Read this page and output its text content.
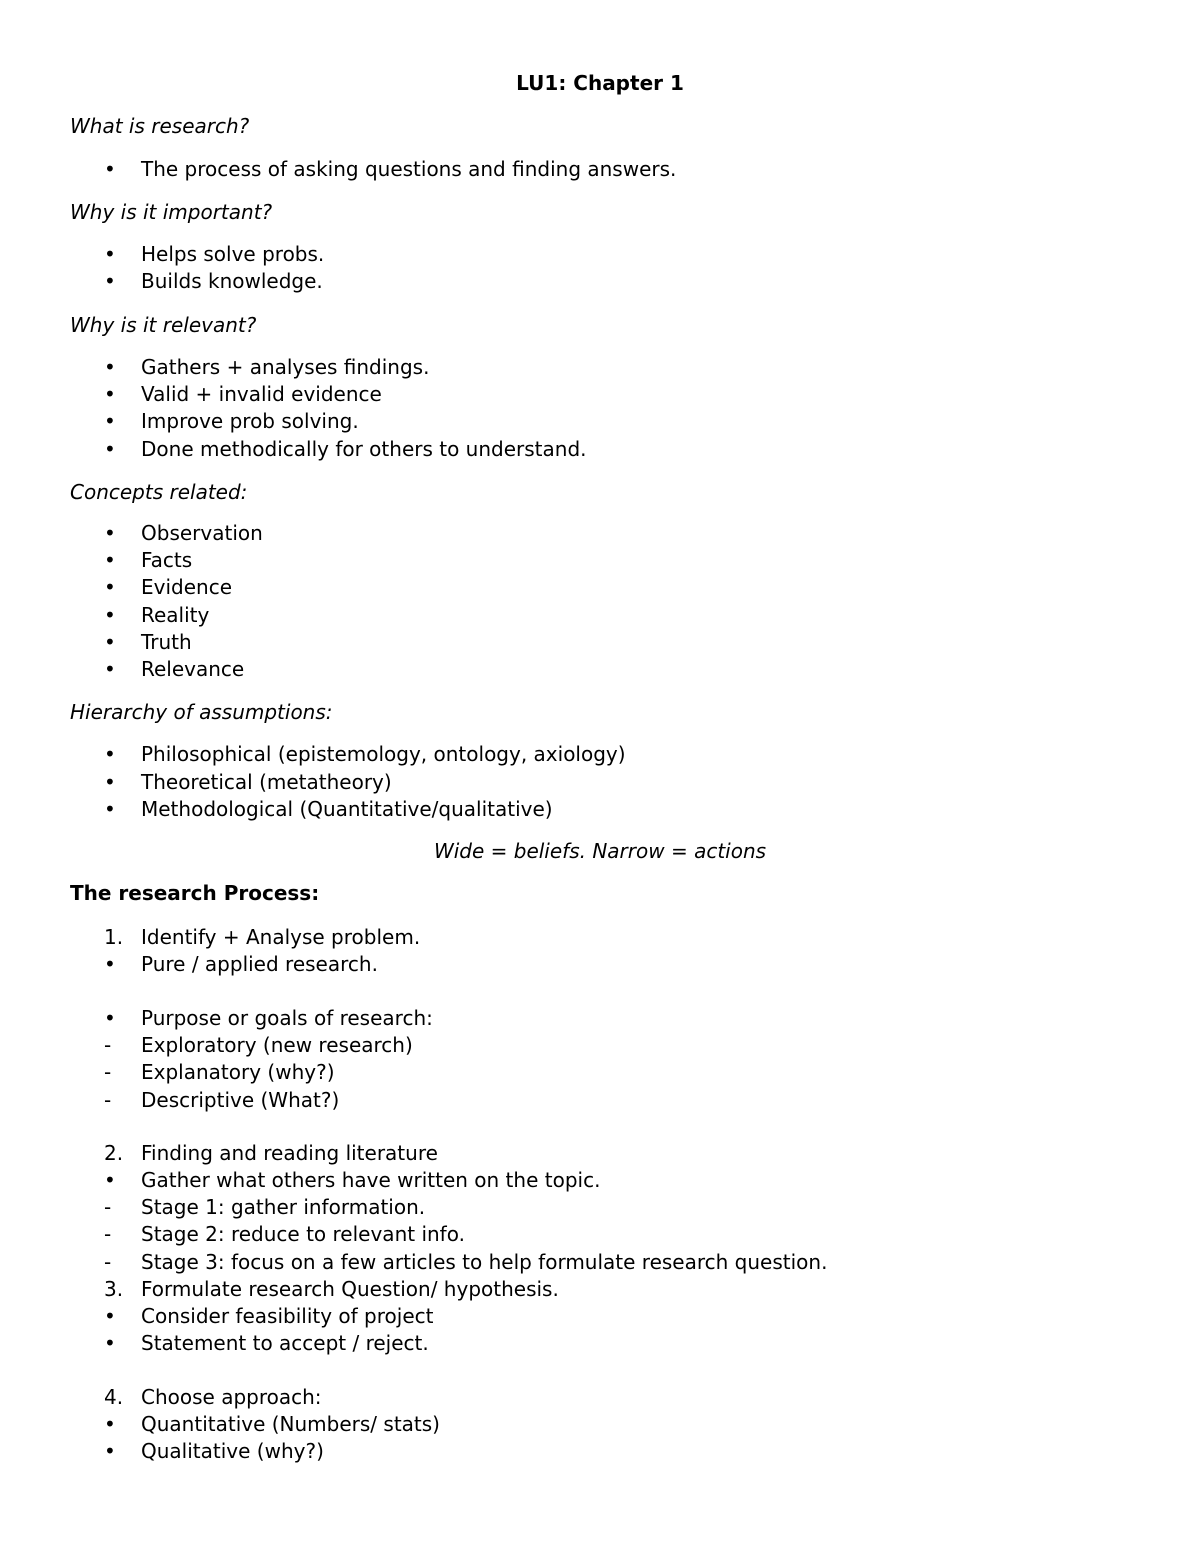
LU1: Chapter 1
What is research?
•	The process of asking questions and finding answers.
Why is it important?
•	Helps solve probs.
•	Builds knowledge.
Why is it relevant?
•	Gathers + analyses findings.
•	Valid + invalid evidence
•	Improve prob solving.
•	Done methodically for others to understand.
Concepts related:
•	Observation
•	Facts
•	Evidence
•	Reality
•	Truth
•	Relevance
Hierarchy of assumptions:
•	Philosophical (epistemology, ontology, axiology)
•	Theoretical (metatheory)
•	Methodological (Quantitative/qualitative)
Wide = beliefs. Narrow = actions
The research Process:
1. Identify + Analyse problem.
•	Pure / applied research.
•	Purpose or goals of research:
-	Exploratory (new research)
-	Explanatory (why?)
-	Descriptive (What?)
2. Finding and reading literature
•	Gather what others have written on the topic.
-	Stage 1: gather information.
-	Stage 2: reduce to relevant info.
-	Stage 3: focus on a few articles to help formulate research question.
3. Formulate research Question/ hypothesis.
•	Consider feasibility of project
•	Statement to accept / reject.
4. Choose approach:
•	Quantitative (Numbers/ stats)
•	Qualitative (why?)
